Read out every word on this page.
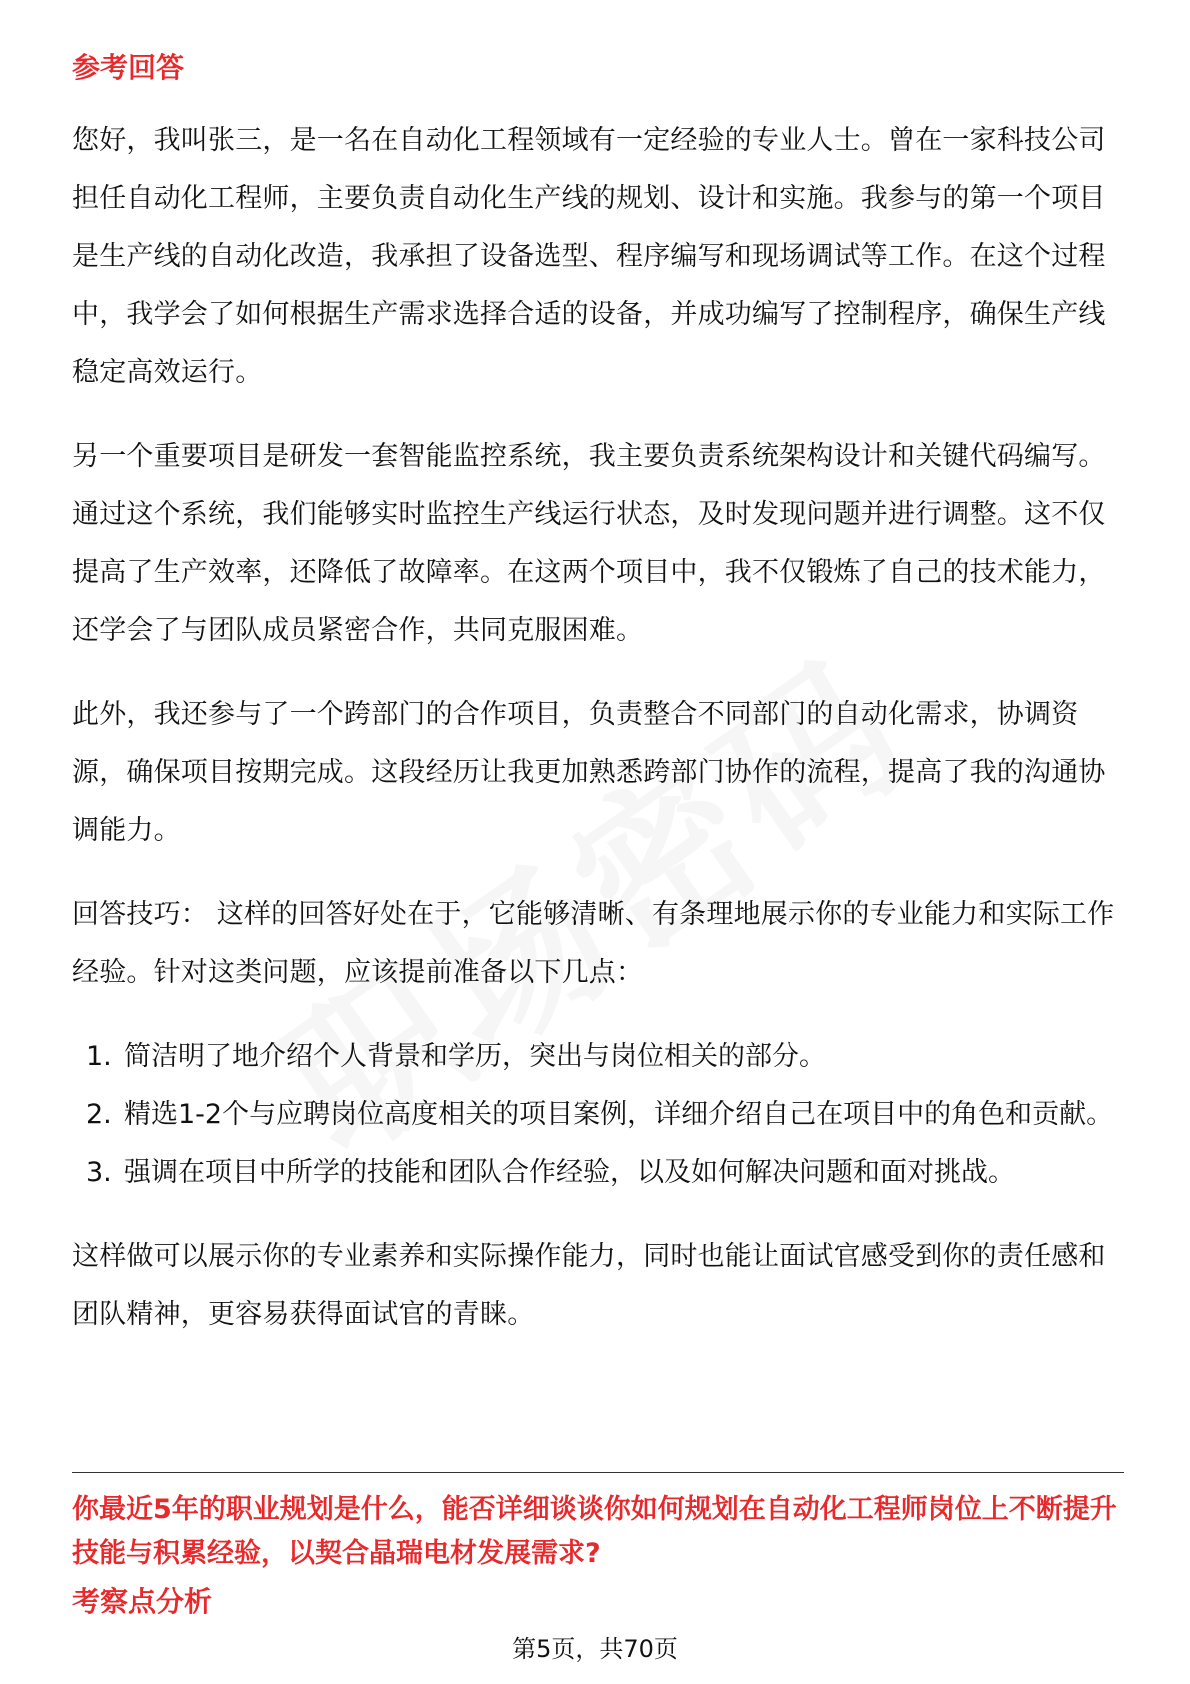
参考回答

您好，我叫张三，是一名在自动化工程领域有一定经验的专业人士。曾在一家科技公司担任自动化工程师，主要负责自动化生产线的规划、设计和实施。我参与的第一个项目是生产线的自动化改造，我承担了设备选型、程序编写和现场调试等工作。在这个过程中，我学会了如何根据生产需求选择合适的设备，并成功编写了控制程序，确保生产线稳定高效运行。

另一个重要项目是研发一套智能监控系统，我主要负责系统架构设计和关键代码编写。通过这个系统，我们能够实时监控生产线运行状态，及时发现问题并进行调整。这不仅提高了生产效率，还降低了故障率。在这两个项目中，我不仅锻炼了自己的技术能力，还学会了与团队成员紧密合作，共同克服困难。

此外，我还参与了一个跨部门的合作项目，负责整合不同部门的自动化需求，协调资源，确保项目按期完成。这段经历让我更加熟悉跨部门协作的流程，提高了我的沟通协调能力。

回答技巧： 这样的回答好处在于，它能够清晰、有条理地展示你的专业能力和实际工作经验。针对这类问题，应该提前准备以下几点：

1. 简洁明了地介绍个人背景和学历，突出与岗位相关的部分。
2. 精选1-2个与应聘岗位高度相关的项目案例，详细介绍自己在项目中的角色和贡献。
3. 强调在项目中所学的技能和团队合作经验，以及如何解决问题和面对挑战。

这样做可以展示你的专业素养和实际操作能力，同时也能让面试官感受到你的责任感和团队精神，更容易获得面试官的青睐。

你最近5年的职业规划是什么，能否详细谈谈你如何规划在自动化工程师岗位上不断提升技能与积累经验，以契合晶瑞电材发展需求?

考察点分析
第5页，共70页
